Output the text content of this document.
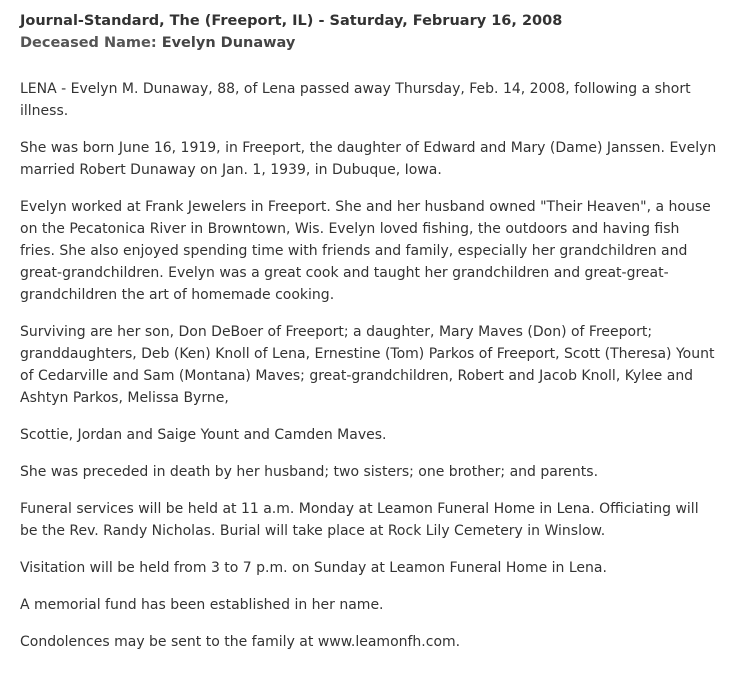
Journal-Standard, The (Freeport, IL) - Saturday, February 16, 2008
Deceased Name: Evelyn Dunaway

LENA - Evelyn M. Dunaway, 88, of Lena passed away Thursday, Feb. 14, 2008, following a short illness.

She was born June 16, 1919, in Freeport, the daughter of Edward and Mary (Dame) Janssen. Evelyn married Robert Dunaway on Jan. 1, 1939, in Dubuque, Iowa.

Evelyn worked at Frank Jewelers in Freeport. She and her husband owned "Their Heaven", a house on the Pecatonica River in Browntown, Wis. Evelyn loved fishing, the outdoors and having fish fries. She also enjoyed spending time with friends and family, especially her grandchildren and great-grandchildren. Evelyn was a great cook and taught her grandchildren and great-great-grandchildren the art of homemade cooking.

Surviving are her son, Don DeBoer of Freeport; a daughter, Mary Maves (Don) of Freeport; granddaughters, Deb (Ken) Knoll of Lena, Ernestine (Tom) Parkos of Freeport, Scott (Theresa) Yount of Cedarville and Sam (Montana) Maves; great-grandchildren, Robert and Jacob Knoll, Kylee and Ashtyn Parkos, Melissa Byrne,

Scottie, Jordan and Saige Yount and Camden Maves.

She was preceded in death by her husband; two sisters; one brother; and parents.

Funeral services will be held at 11 a.m. Monday at Leamon Funeral Home in Lena. Officiating will be the Rev. Randy Nicholas. Burial will take place at Rock Lily Cemetery in Winslow.

Visitation will be held from 3 to 7 p.m. on Sunday at Leamon Funeral Home in Lena.

A memorial fund has been established in her name.

Condolences may be sent to the family at www.leamonfh.com.
